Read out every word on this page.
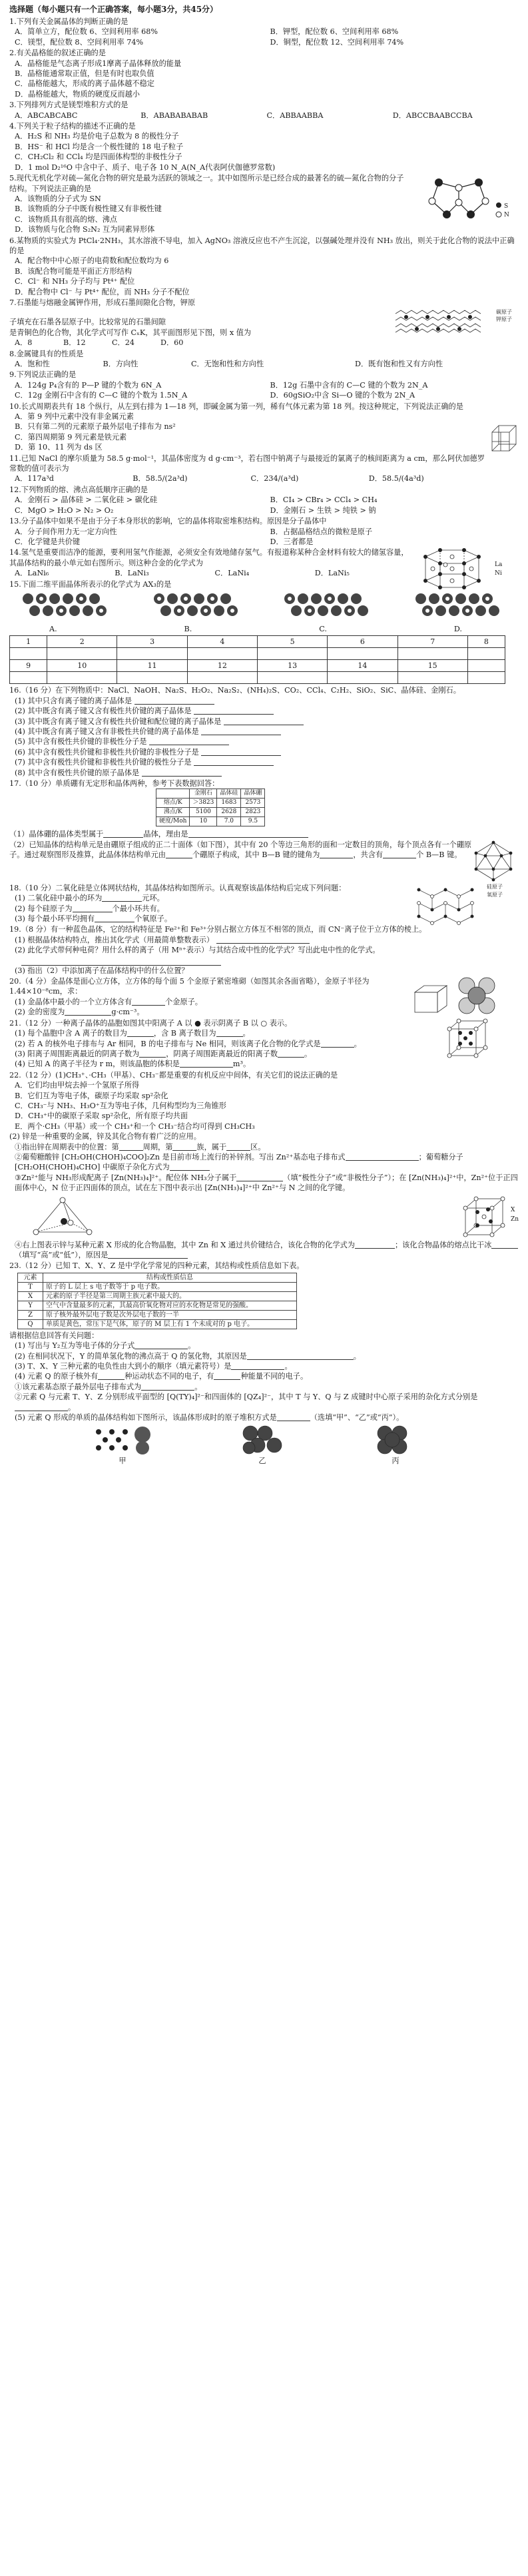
选择题（每小题只有一个正确答案，每小题3分，共45分）
1.下列有关金属晶体的判断正确的是
A．简单立方，配位数 6、空间利用率 68%	B．钾型，配位数 6、空间利用率 68%
C．镁型，配位数 8、空间利用率 74%	D．铜型，配位数 12、空间利用率 74%
2.有关晶格能的叙述正确的是
A．晶格能是气态离子形成1摩离子晶体释放的能量
B．晶格能通常取正值，但是有时也取负值
C．晶格能越大，形成的离子晶体越不稳定
D．晶格能越大，物质的硬度反而越小
3.下列排列方式是镁型堆积方式的是
A．ABCABCABC	B．ABABABABAB	C．ABBAABBA	D．ABCCBAABCCBA
4.下列关于粒子结构的描述不正确的是
A．H₂S 和 NH₃ 均是价电子总数为 8 的极性分子
B．HS⁻ 和 HCl 均是含一个极性键的 18 电子粒子
C．CH₂Cl₂ 和 CCl₄ 均是四面体构型的非极性分子
D．1 mol D₂¹⁶O 中含中子、质子、电子各 10 N_A(N_A代表阿伏伽德罗常数)
5.现代无机化学对硫—氮化合物的研究是最为活跃的领域之一。其中如图所示是已经合成的最著名的硫—氮化合物的分子结构。下列说法正确的是
A．该物质的分子式为 SN
B．该物质的分子中既有极性键又有非极性键
C．该物质具有很高的熔、沸点
D．该物质与化合物 S₂N₂ 互为同素异形体
S
N
6.某物质的实验式为 PtCl₄·2NH₃，其水溶液不导电，加入 AgNO₃ 溶液反应也不产生沉淀，以强碱处理并没有 NH₃ 放出，则关于此化合物的说法中正确的是
A．配合物中中心原子的电荷数和配位数均为 6
B．该配合物可能是平面正方形结构
C．Cl⁻ 和 NH₃ 分子均与 Pt⁴⁺ 配位
D．配合物中 Cl⁻ 与 Pt⁴⁺ 配位，而 NH₃ 分子不配位
7.石墨能与熔融金属钾作用，形成石墨间隙化合物，钾原
子填充在石墨各层原子中。比较常见的石墨间隙
是青铜色的化合物，其化学式可写作 CₓK，其平面图形见下图，则 x 值为
A．8	B．12	C．24	D．60
碳原子
钾原子
8.金属键具有的性质是
A．饱和性	B．方向性	C．无饱和性和方向性	D．既有饱和性又有方向性
9.下列说法正确的是
A．124g P₄含有的 P—P 键的个数为 6N_A	B．12g 石墨中含有的 C—C 键的个数为 2N_A
C．12g 金刚石中含有的 C—C 键的个数为 1.5N_A	D．60gSiO₂中含 Si—O 键的个数为 2N_A
10.长式周期表共有 18 个纵行，从左到右排为 1—18 列，即碱金属为第一列，稀有气体元素为第 18 列。按这种规定，下列说法正确的是
A．第 9 列中元素中没有非金属元素
B．只有第二列的元素原子最外层电子排布为 ns²
C．第四周期第 9 列元素是铁元素
D．第 10、11 列为 ds 区
11.已知 NaCl 的摩尔质量为 58.5 g·mol⁻¹，其晶体密度为 d g·cm⁻³，若右图中钠离子与最接近的氯离子的核间距离为 a cm，那么阿伏加德罗常数的值可表示为
A．117a³d	B．58.5/(2a³d)	C．234/(a³d)	D．58.5/(4a³d)
12.下列物质的熔、沸点高低顺序正确的是
A．金刚石 > 晶体硅 > 二氧化硅 > 碳化硅	B．CI₄ > CBr₄ > CCl₄ > CH₄
C．MgO > H₂O > N₂ > O₂	D．金刚石 > 生铁 > 纯铁 > 钠
13.分子晶体中如果不是由于分子本身形状的影响，它的晶体将取密堆积结构。原因是分子晶体中
A．分子间作用力无一定方向性	B．占据晶格结点的微粒是原子
C．化学键是共价键	D．三者都是
14.氢气是重要而洁净的能源，要利用氢气作能源，必须安全有效地储存氢气。有报道称某种合金材料有较大的储氢容量，其晶体结构的最小单元如右图所示。则这种合金的化学式为
A．LaNi₆	B．LaNi₃	C．LaNi₄	D．LaNi₅
La
Ni
15.下面二维平面晶体所表示的化学式为 AX₃的是
A.	B.	C.	D.
1	2	3	4	5	6	7	8

9	10	11	12	13	14	15	

16.（16 分）在下列物质中：NaCl、NaOH、Na₂S、H₂O₂、Na₂S₂、(NH₄)₂S、CO₂、CCl₄、C₂H₂、SiO₂、SiC、晶体硅、金刚石。
(1) 其中只含有离子键的离子晶体是
(2) 其中既含有离子键又含有极性共价键的离子晶体是
(3) 其中既含有离子键又含有极性共价键和配位键的离子晶体是
(4) 其中既含有离子键又含有非极性共价键的离子晶体是
(5) 其中含有极性共价键的非极性分子是
(6) 其中含有极性共价键和非极性共价键的非极性分子是
(7) 其中含有极性共价键和非极性共价键的极性分子是
(8) 其中含有极性共价键的原子晶体是
17.（10 分）单质硼有无定形和晶体两种，参考下表数据回答：
	金刚石	晶体硅	晶体硼
熔点/K	＞3823	1683	2573
沸点/K	5100	2628	2823
硬度/Moh	10	7.0	9.5
（1）晶体硼的晶体类型属于	晶体，理由是
（2）已知晶体的结构单元是由硼原子组成的正二十面体（如下图），其中有 20 个等边三角形的面和一定数目的顶角，每个顶点各有一个硼原子。通过观察图形及推算，此晶体体结构单元由	个硼原子构成，其中 B—B 键的键角为	，共含有	个 B—B 键。
18.（10 分）二氧化硅是立体网状结构，其晶体结构如图所示。认真观察该晶体结构后完成下列问题：
(1) 二氧化硅中最小的环为	元环。
(2) 每个硅原子为	个最小环共有。
(3) 每个最小环平均拥有	个氧原子。
硅原子
氧原子
19.（8 分）有一种蓝色晶体，它的结构特征是 Fe²⁺和 Fe³⁺分别占据立方体互不相邻的顶点，而 CN⁻离子位于立方体的棱上。
(1) 根据晶体结构特点，推出其化学式（用最简单整数表示）
(2) 此化学式带何种电荷？用什么样的离子（用 Mⁿ⁺表示）与其结合成中性的化学式？写出此电中性的化学式。
(3) 指出（2）中添加离子在晶体结构中的什么位置？
20.（4 分）金晶体是面心立方体，立方体的每个面 5 个金原子紧密堆砌（如图其余各面省略），金原子半径为 1.44×10⁻⁸cm，求：
(1) 金晶体中最小的一个立方体含有	个金原子。
(2) 金的密度为	g·cm⁻³。
21.（12 分）一种离子晶体的晶胞如图其中阳离子 A 以 ● 表示阴离子 B 以 ○ 表示。
(1) 每个晶胞中含 A 离子的数目为	，含 B 离子数目为	。
(2) 若 A 的核外电子排布与 Ar 相同，B 的电子排布与 Ne 相同，则该离子化合物的化学式是	。
(3) 阳离子周围距离最近的阴离子数为	，阴离子周围距离最近的阳离子数	。
(4) 已知 A 的离子半径为 r m，则该晶胞的体积是	m³。
22.（12 分）(1)CH₃⁺、·CH₃（甲基）、CH₃⁻都是重要的有机反应中间体，有关它们的说法正确的是
A．它们均由甲烷去掉一个氢原子所得
B．它们互为等电子体，碳原子均采取 sp²杂化
C．CH₃⁻与 NH₃、H₃O⁺互为等电子体，几何构型均为三角锥形
D．CH₃⁺中的碳原子采取 sp²杂化，所有原子均共面
E．两个·CH₃（甲基）或一个 CH₃⁺和一个 CH₃⁻结合均可得到 CH₃CH₃
(2) 锌是一种重要的金属，锌及其化合物有着广泛的应用。
①指出锌在周期表中的位置：第	周期，第	族，属于	区。
②葡萄糖酸锌 [CH₂OH(CHOH)₄COO]₂Zn 是目前市场上流行的补锌剂。写出 Zn²⁺基态电子排布式	；葡萄糖分子 [CH₂OH(CHOH)₄CHO] 中碳原子杂化方式为
③Zn²⁺能与 NH₃形成配离子 [Zn(NH₃)₄]²⁺。配位体 NH₃分子属于	（填“极性分子”或“非极性分子”）；在 [Zn(NH₃)₄]²⁺中，Zn²⁺位于正四面体中心，N 位于正四面体的顶点，试在左下图中表示出 [Zn(NH₃)₄]²⁺中 Zn²⁺与 N 之间的化学键。
X
Zn
④右上图表示锌与某种元素 X 形成的化合物晶胞，其中 Zn 和 X 通过共价键结合，该化合物的化学式为	；该化合物晶体的熔点比干冰（填写“高”或“低”），原因是
23.（12 分）已知 T、X、Y、Z 是中学化学常见的四种元素，其结构或性质信息如下表。
元素	结构或性质信息
T	原子的 L 层上 s 电子数等于 p 电子数。
X	元素的原子半径是第三周期主族元素中最大的。
Y	空气中含量最多的元素，其最高价氧化物对应的水化物是常见的强酸。
Z	原子核外最外层电子数是次外层电子数的一半
Q	单质是黄色，常压下是气体，原子的 M 层上有 1 个未成对的 p 电子。
请根据信息回答有关问题：
(1) 写出与 Y₂互为等电子体的分子式	。
(2) 在相同状况下，Y 的简单氢化物的沸点高于 Q 的氢化物，其原因是	。
(3) T、X、Y 三种元素的电负性由大到小的顺序（填元素符号）是	。
(4) 元素 Q 的原子核外有	种运动状态不同的电子，有	种能量不同的电子。
①该元素基态原子最外层电子排布式为	。
②元素 Q 与元素 T、Y、Z 分别形成平面型的 [Q(TY)₄]²⁻和四面体的 [QZ₄]²⁻，其中 T 与 Y、Q 与 Z 成键时中心原子采用的杂化方式分别是。
(5) 元素 Q 形成的单质的晶体结构如下图所示，该晶体形成时的原子堆积方式是	（选填“甲”、“乙”或“丙”）。
甲	乙	丙
